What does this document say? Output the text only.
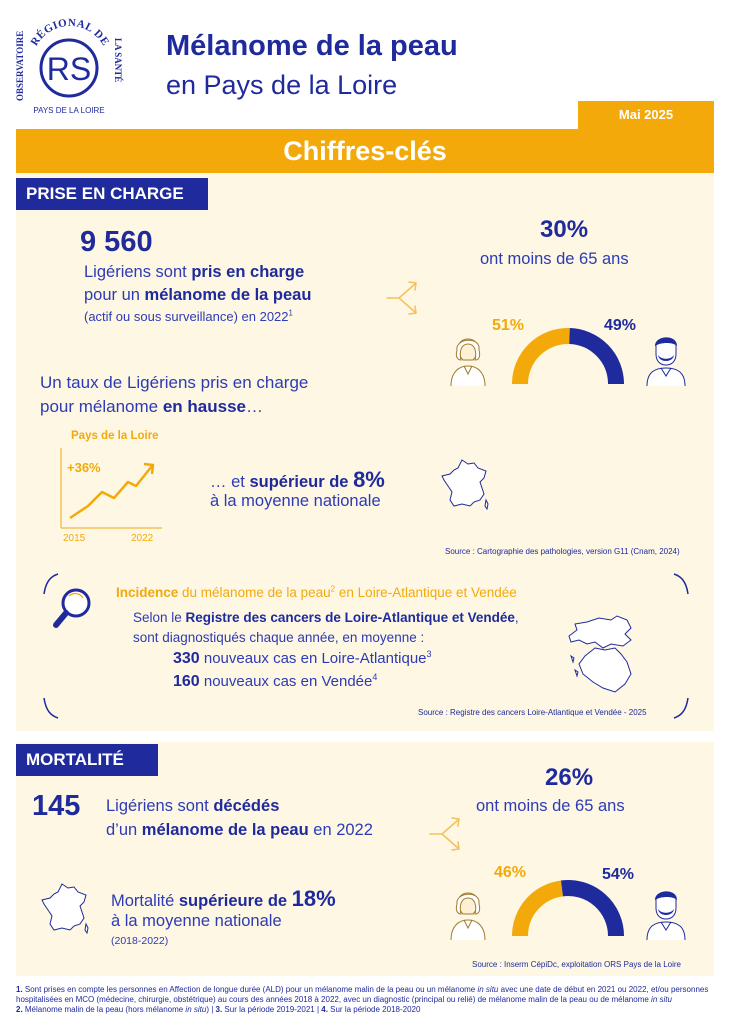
RÉGIONAL DE
OBSERVATOIRE	LA SANTÉ
RS
PAYS DE LA LOIRE
Mélanome de la peau
en Pays de la Loire
Mai 2025
Chiffres-clés
PRISE EN CHARGE
9 560
Ligériens sont pris en charge
pour un mélanome de la peau
(actif ou sous surveillance) en 2022$^1$
30%
ont moins de 65 ans
51%	49%
Un taux de Ligériens pris en charge
pour mélanome en hausse…
Pays de la Loire
+36%
2015	2022
… et supérieur de 8%
à la moyenne nationale
Source : Cartographie des pathologies, version G11 (Cnam, 2024)
Incidence du mélanome de la peau$^2$ en Loire-Atlantique et Vendée
Selon le Registre des cancers de Loire-Atlantique et Vendée,
sont diagnostiqués chaque année, en moyenne :
330 nouveaux cas en Loire-Atlantique$^3$
160 nouveaux cas en Vendée$^4$
Source : Registre des cancers Loire-Atlantique et Vendée - 2025
MORTALITÉ
145 Ligériens sont décédés
d’un mélanome de la peau en 2022
26%
ont moins de 65 ans
46%	54%
Mortalité supérieure de 18%
à la moyenne nationale
(2018-2022)
Source : Inserm CépiDc, exploitation ORS Pays de la Loire
1. Sont prises en compte les personnes en Affection de longue durée (ALD) pour un mélanome malin de la peau ou un mélanome in situ avec une date de début en 2021 ou 2022, et/ou personnes hospitalisées en MCO (médecine, chirurgie, obstétrique) au cours des années 2018 à 2022, avec un diagnostic (principal ou relié) de mélanome malin de la peau ou de mélanome in situ
2. Mélanome malin de la peau (hors mélanome in situ) | 3. Sur la période 2019-2021 | 4. Sur la période 2018-2020
